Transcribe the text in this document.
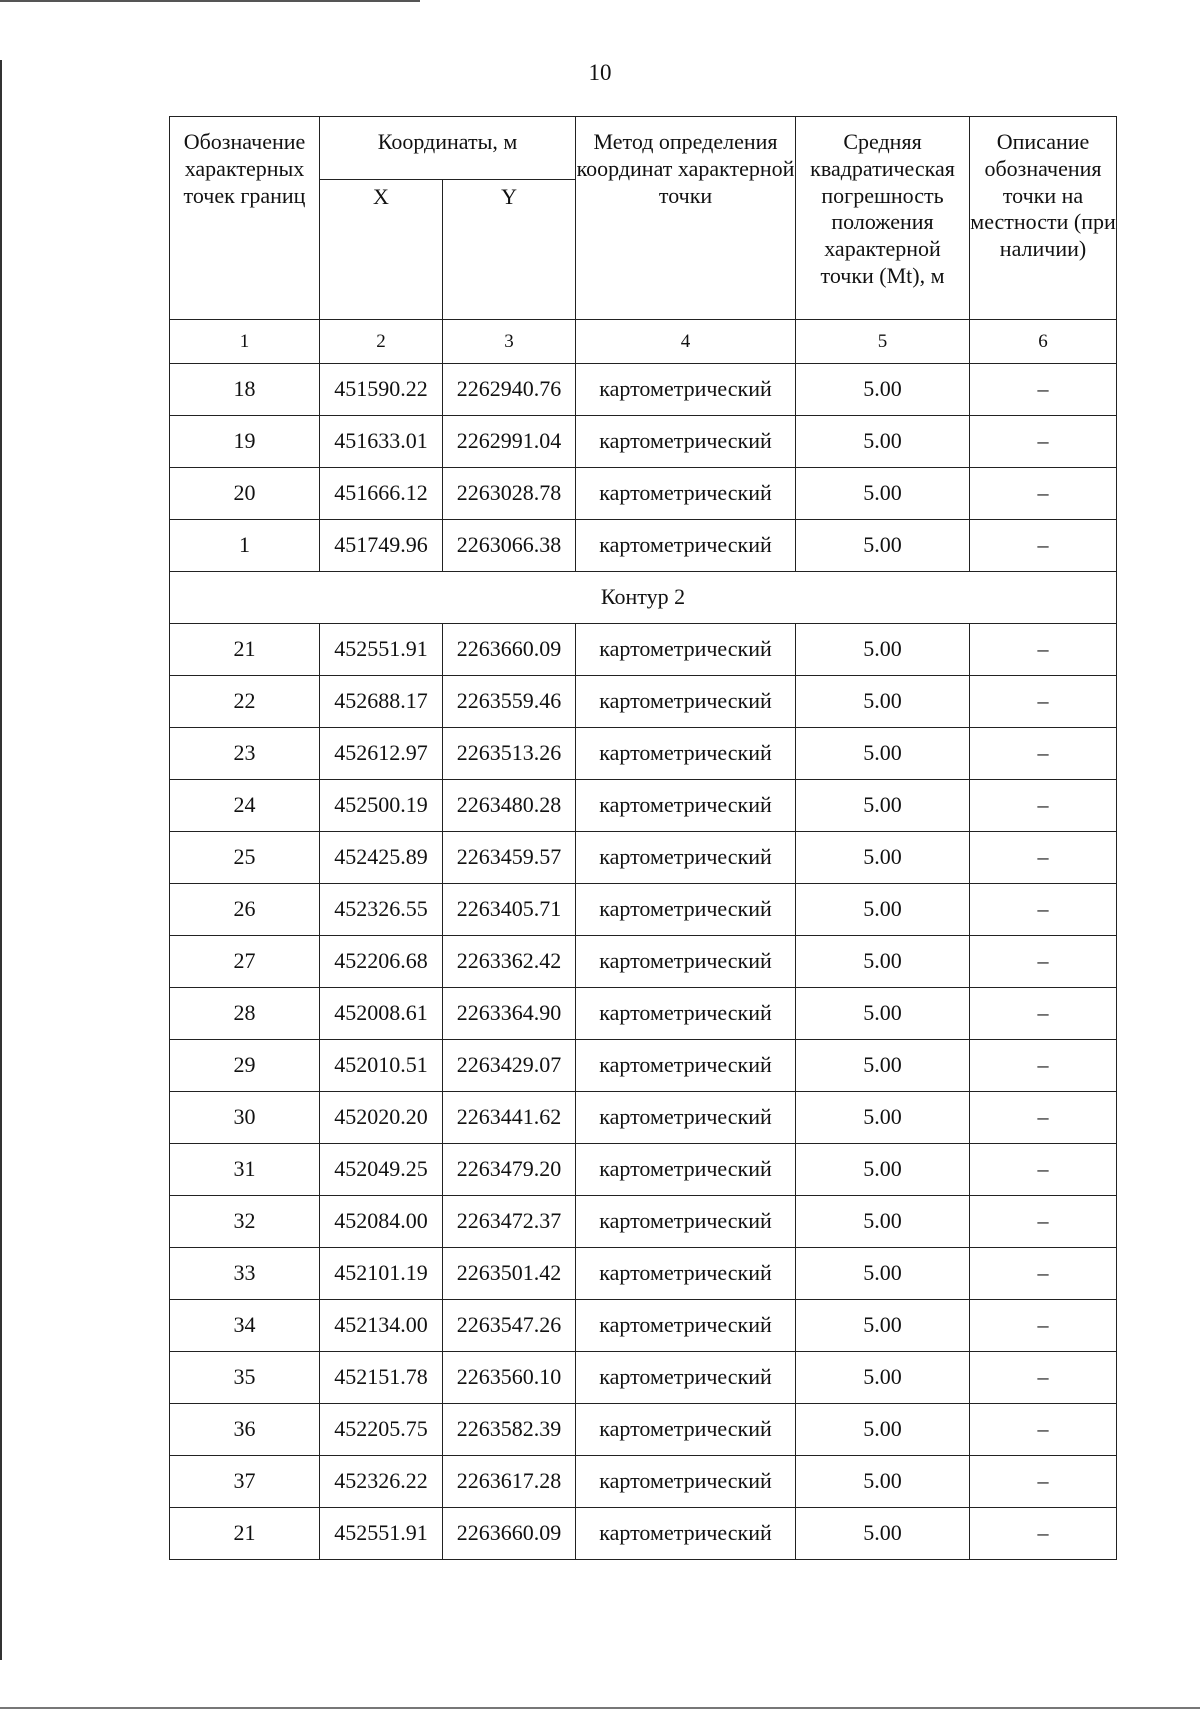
10
Обозначение характерных точек границ	Координаты, м		Метод определения координат характерной точки	Средняя квадратическая погрешность положения характерной точки (Mt), м	Описание обозначения точки на местности (при наличии)
	X	Y			
1	2	3	4	5	6
18	451590.22	2262940.76	картометрический	5.00	–
19	451633.01	2262991.04	картометрический	5.00	–
20	451666.12	2263028.78	картометрический	5.00	–
1	451749.96	2263066.38	картометрический	5.00	–
Контур 2					
21	452551.91	2263660.09	картометрический	5.00	–
22	452688.17	2263559.46	картометрический	5.00	–
23	452612.97	2263513.26	картометрический	5.00	–
24	452500.19	2263480.28	картометрический	5.00	–
25	452425.89	2263459.57	картометрический	5.00	–
26	452326.55	2263405.71	картометрический	5.00	–
27	452206.68	2263362.42	картометрический	5.00	–
28	452008.61	2263364.90	картометрический	5.00	–
29	452010.51	2263429.07	картометрический	5.00	–
30	452020.20	2263441.62	картометрический	5.00	–
31	452049.25	2263479.20	картометрический	5.00	–
32	452084.00	2263472.37	картометрический	5.00	–
33	452101.19	2263501.42	картометрический	5.00	–
34	452134.00	2263547.26	картометрический	5.00	–
35	452151.78	2263560.10	картометрический	5.00	–
36	452205.75	2263582.39	картометрический	5.00	–
37	452326.22	2263617.28	картометрический	5.00	–
21	452551.91	2263660.09	картометрический	5.00	–
